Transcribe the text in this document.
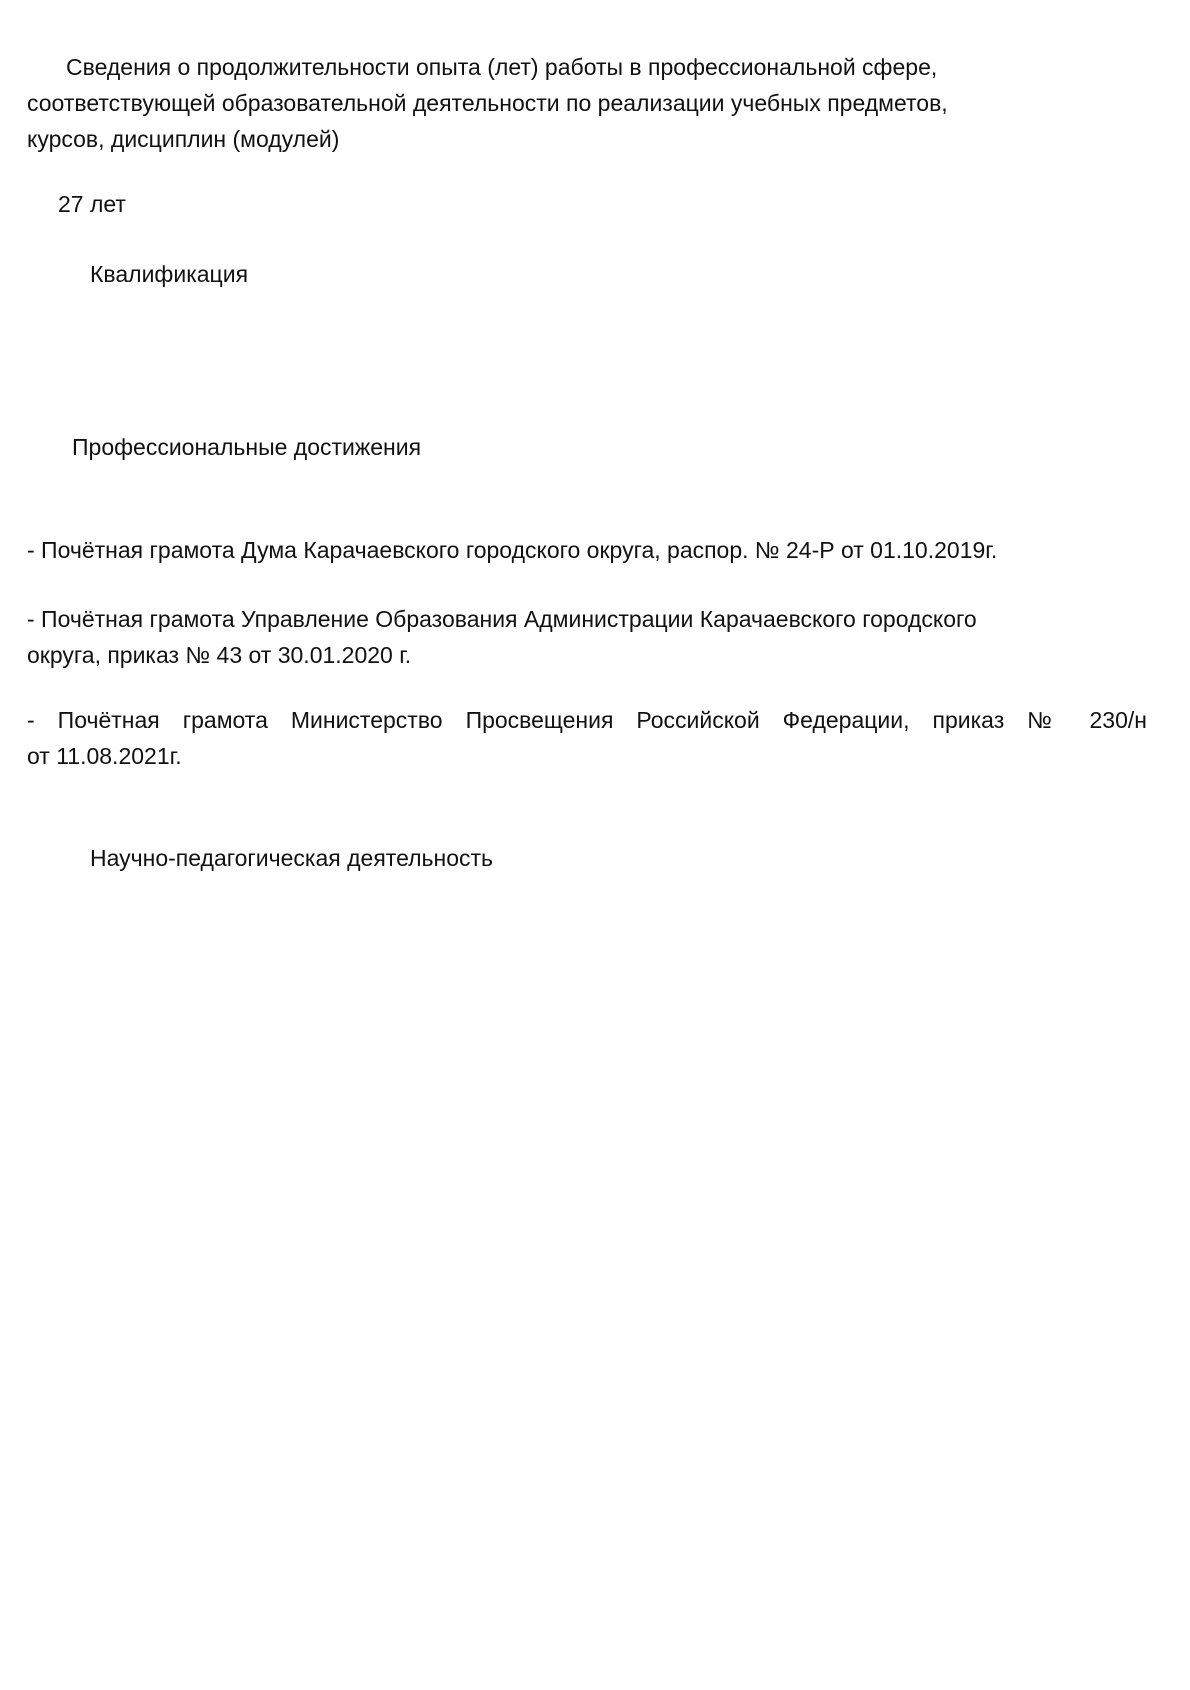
Сведения о продолжительности опыта (лет) работы в профессиональной сфере,

соответствующей образовательной деятельности по реализации учебных предметов,

курсов, дисциплин (модулей)

27 лет

Квалификация

Профессиональные достижения

- Почётная грамота Дума Карачаевского городского округа, распор. № 24-Р от 01.10.2019г.

- Почётная грамота Управление Образования Администрации Карачаевского городского

округа, приказ № 43 от 30.01.2020 г.

- Почётная грамота Министерство Просвещения Российской Федерации, приказ № 230/н

от 11.08.2021г.

Научно-педагогическая деятельность
